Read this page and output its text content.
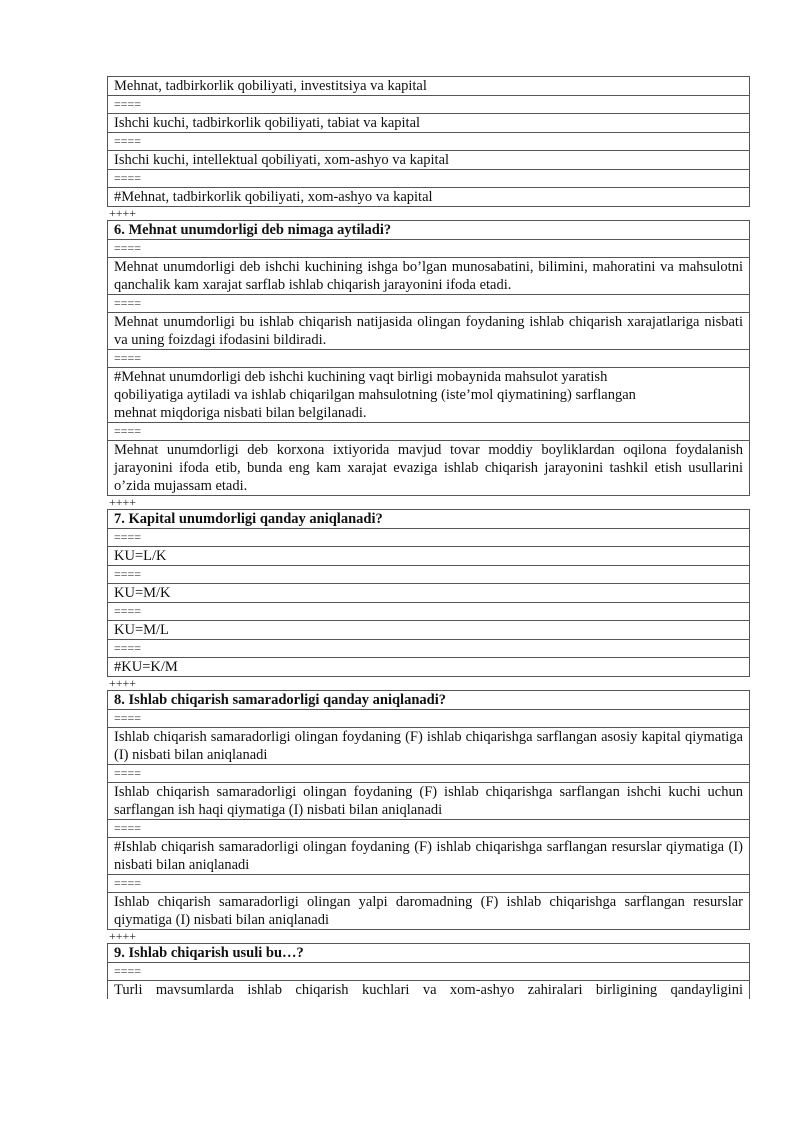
Mehnat, tadbirkorlik qobiliyati, investitsiya va kapital
====
Ishchi kuchi, tadbirkorlik qobiliyati, tabiat va kapital
====
Ishchi kuchi, intellektual qobiliyati, xom-ashyo va kapital
====
#Mehnat, tadbirkorlik qobiliyati, xom-ashyo va kapital
++++
6. Mehnat unumdorligi deb nimaga aytiladi?
====
Mehnat unumdorligi deb ishchi kuchining ishga bo’lgan munosabatini, bilimini, mahoratini va mahsulotni qanchalik kam xarajat sarflab ishlab chiqarish jarayonini ifoda etadi.
====
Mehnat unumdorligi bu ishlab chiqarish natijasida olingan foydaning ishlab chiqarish xarajatlariga nisbati va uning foizdagi ifodasini bildiradi.
====
#Mehnat unumdorligi deb ishchi kuchining vaqt birligi mobaynida mahsulot yaratish qobiliyatiga aytiladi va ishlab chiqarilgan mahsulotning (iste’mol qiymatining) sarflangan mehnat miqdoriga nisbati bilan belgilanadi.
====
Mehnat unumdorligi deb korxona ixtiyorida mavjud tovar moddiy boyliklardan oqilona foydalanish jarayonini ifoda etib, bunda eng kam xarajat evaziga ishlab chiqarish jarayonini tashkil etish usullarini o’zida mujassam etadi.
++++
7. Kapital unumdorligi qanday aniqlanadi?
====
KU=L/K
====
KU=M/K
====
KU=M/L
====
#KU=K/M
++++
8. Ishlab chiqarish samaradorligi qanday aniqlanadi?
====
Ishlab chiqarish samaradorligi olingan foydaning (F) ishlab chiqarishga sarflangan asosiy kapital qiymatiga (I) nisbati bilan aniqlanadi
====
Ishlab chiqarish samaradorligi olingan foydaning (F) ishlab chiqarishga sarflangan ishchi kuchi uchun sarflangan ish haqi qiymatiga (I) nisbati bilan aniqlanadi
====
#Ishlab chiqarish samaradorligi olingan foydaning (F) ishlab chiqarishga sarflangan resurslar qiymatiga (I) nisbati bilan aniqlanadi
====
Ishlab chiqarish samaradorligi olingan yalpi daromadning (F) ishlab chiqarishga sarflangan resurslar qiymatiga (I) nisbati bilan aniqlanadi
++++
9. Ishlab chiqarish usuli bu…?
====
Turli mavsumlarda ishlab chiqarish kuchlari va xom-ashyo zahiralari birligining qandayligini
